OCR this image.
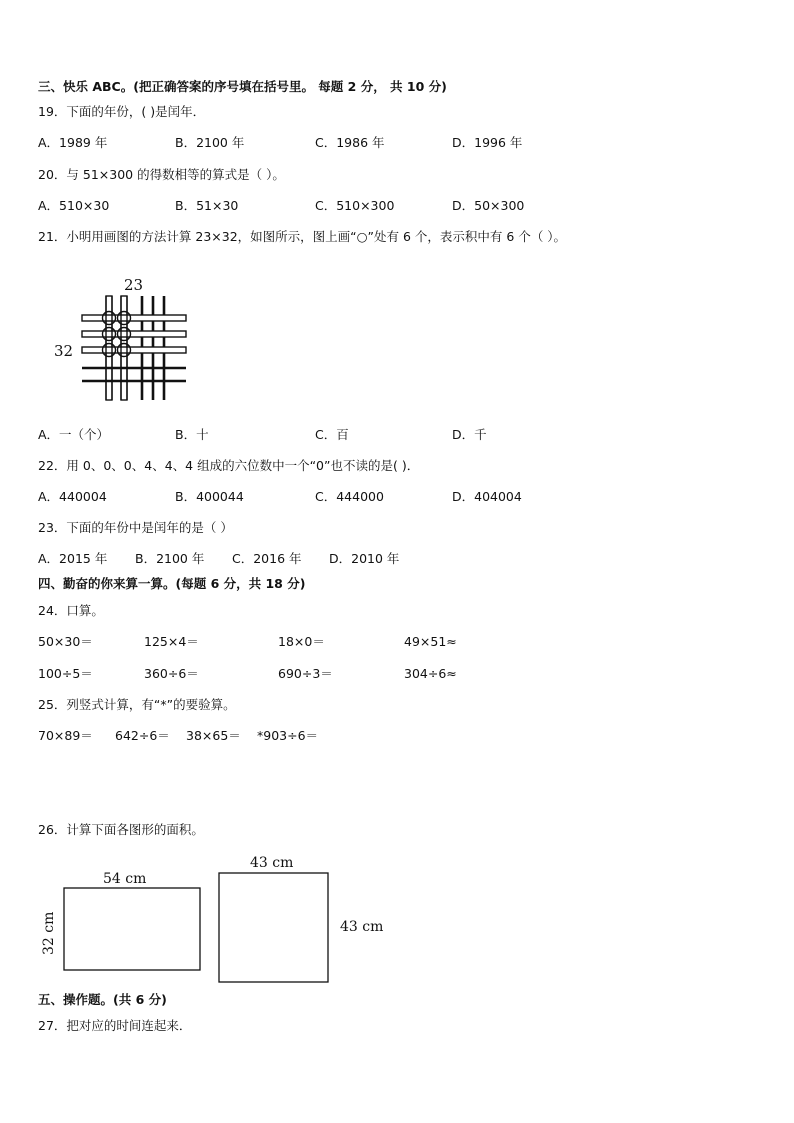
三、快乐 ABC。(把正确答案的序号填在括号里。 每题 2 分， 共 10 分)
19．下面的年份，( )是闰年．
A．1989 年	B．2100 年	C．1986 年	D．1996 年
20．与 51×300 的得数相等的算式是（ ）。
A．510×30	B．51×30	C．510×300	D．50×300
21．小明用画图的方法计算 23×32，如图所示，图上画“○”处有 6 个，表示积中有 6 个（ ）。
23
32
A．一（个）	B．十	C．百	D．千
22．用 0、0、0、4、4、4 组成的六位数中一个“0”也不读的是( )．
A．440004	B．400044	C．444000	D．404004
23．下面的年份中是闰年的是（ ）
A．2015 年 B．2100 年 C．2016 年 D．2010 年
四、勤奋的你来算一算。(每题 6 分，共 18 分)
24．口算。
50×30＝	125×4＝	18×0＝	49×51≈
100÷5＝	360÷6＝	690÷3＝	304÷6≈
25．列竖式计算，有“*”的要验算。
70×89＝ 642÷6＝ 38×65＝ *903÷6＝
26．计算下面各图形的面积。
54 cm
32 cm
43 cm
43 cm
五、操作题。(共 6 分)
27．把对应的时间连起来．
